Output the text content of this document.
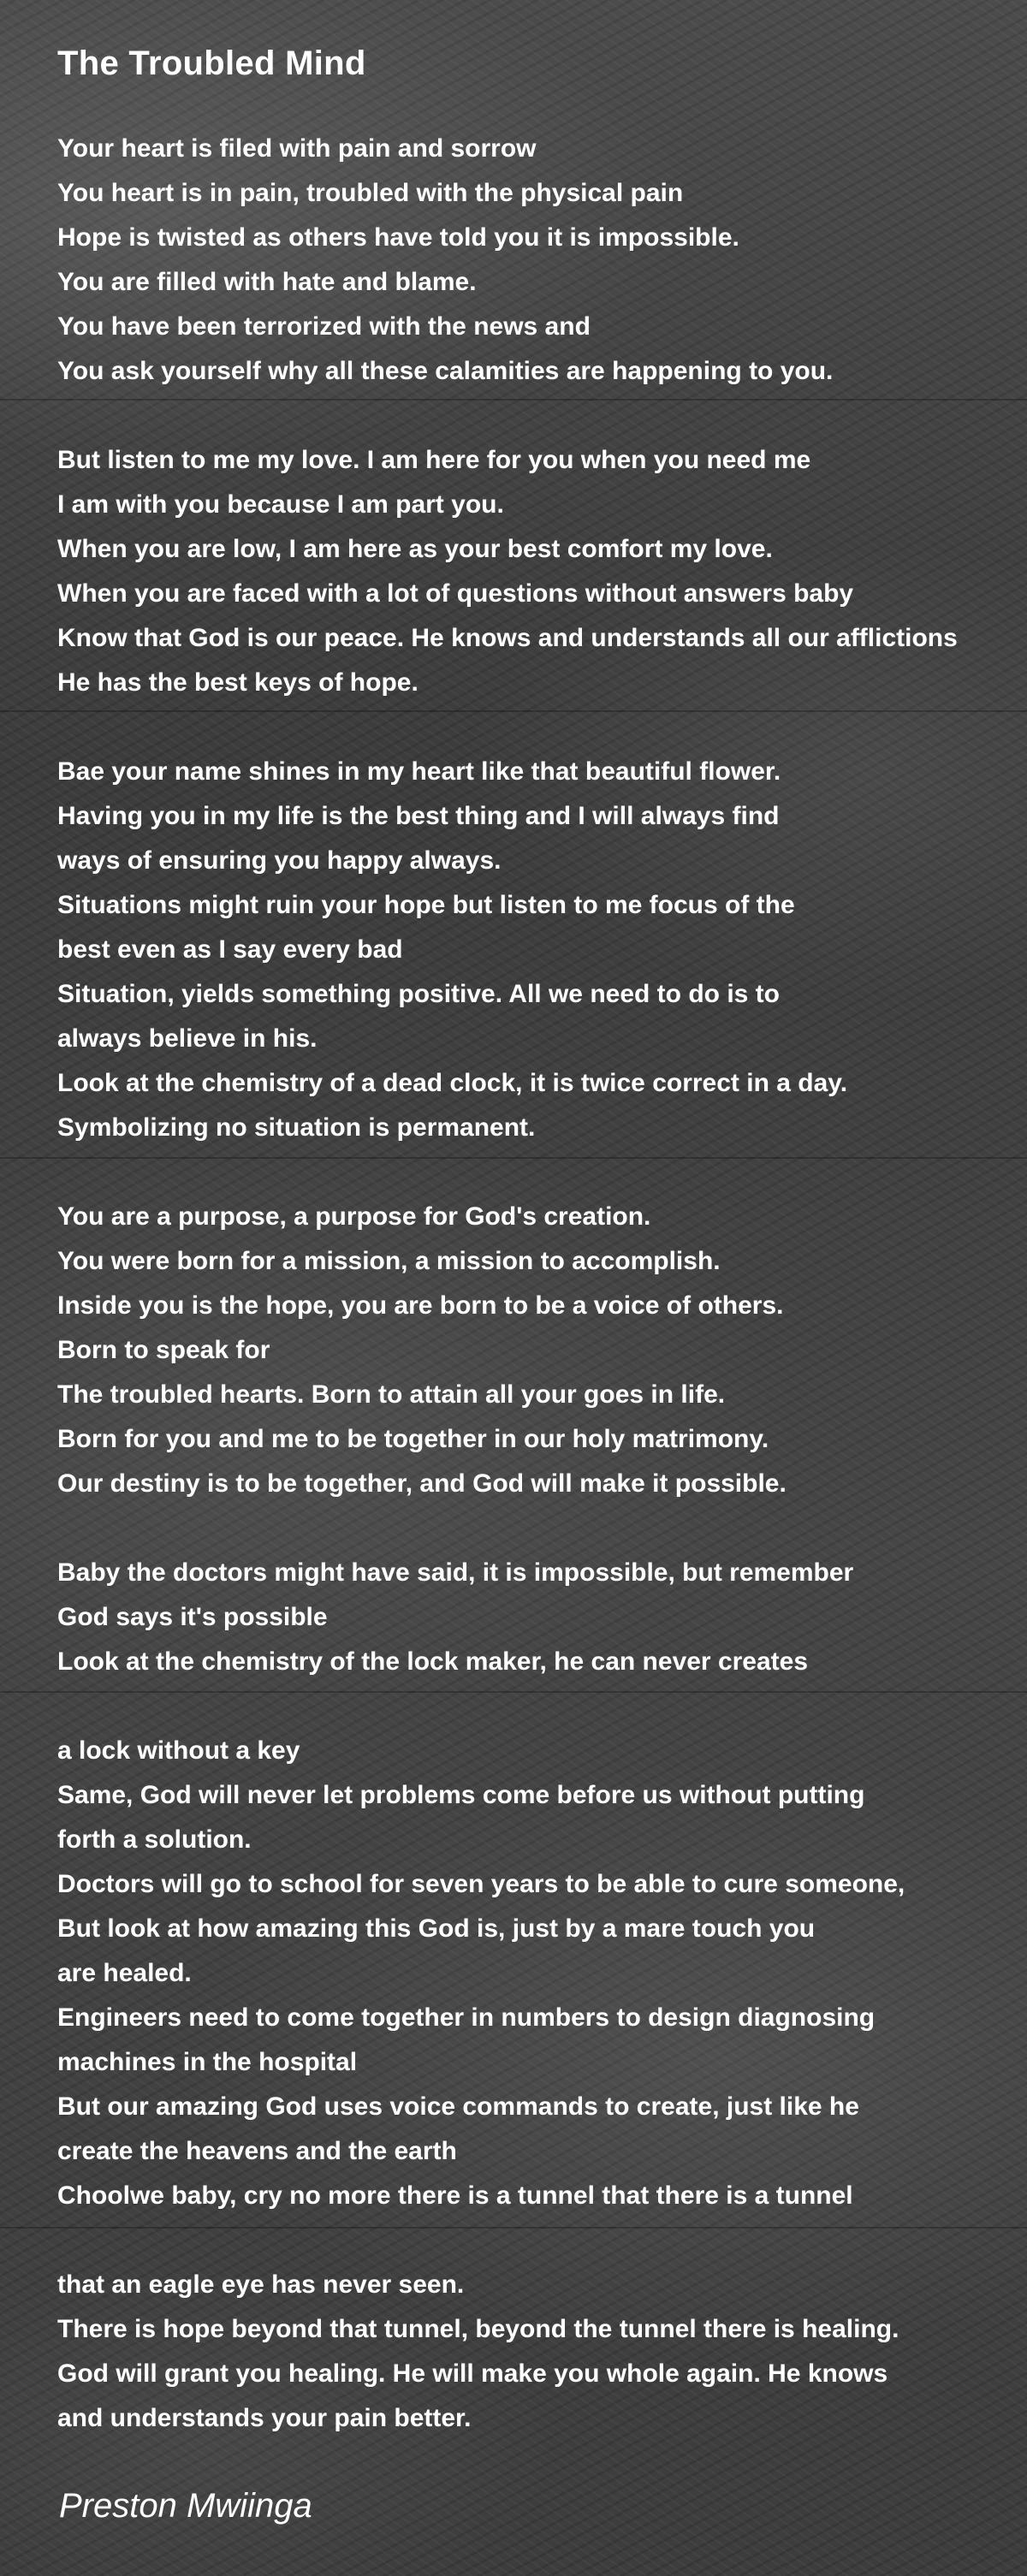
The Troubled Mind
Your heart is filed with pain and sorrow
You heart is in pain, troubled with the physical pain
Hope is twisted as others have told you it is impossible.
You are filled with hate and blame.
You have been terrorized with the news and
You ask yourself why all these calamities are happening to you.
But listen to me my love. I am here for you when you need me
I am with you because I am part you.
When you are low, I am here as your best comfort my love.
When you are faced with a lot of questions without answers baby
Know that God is our peace. He knows and understands all our afflictions
He has the best keys of hope.
Bae your name shines in my heart like that beautiful flower.
Having you in my life is the best thing and I will always find
ways of ensuring you happy always.
Situations might ruin your hope but listen to me focus of the
best even as I say every bad
Situation, yields something positive. All we need to do is to
always believe in his.
Look at the chemistry of a dead clock, it is twice correct in a day.
Symbolizing no situation is permanent.
You are a purpose, a purpose for God's creation.
You were born for a mission, a mission to accomplish.
Inside you is the hope, you are born to be a voice of others.
Born to speak for
The troubled hearts. Born to attain all your goes in life.
Born for you and me to be together in our holy matrimony.
Our destiny is to be together, and God will make it possible.
Baby the doctors might have said, it is impossible, but remember
God says it's possible
Look at the chemistry of the lock maker, he can never creates
a lock without a key
Same, God will never let problems come before us without putting
forth a solution.
Doctors will go to school for seven years to be able to cure someone,
But look at how amazing this God is, just by a mare touch you
are healed.
Engineers need to come together in numbers to design diagnosing
machines in the hospital
But our amazing God uses voice commands to create, just like he
create the heavens and the earth
Choolwe baby, cry no more there is a tunnel that there is a tunnel
that an eagle eye has never seen.
There is hope beyond that tunnel, beyond the tunnel there is healing.
God will grant you healing. He will make you whole again. He knows
and understands your pain better.
Preston Mwiinga
